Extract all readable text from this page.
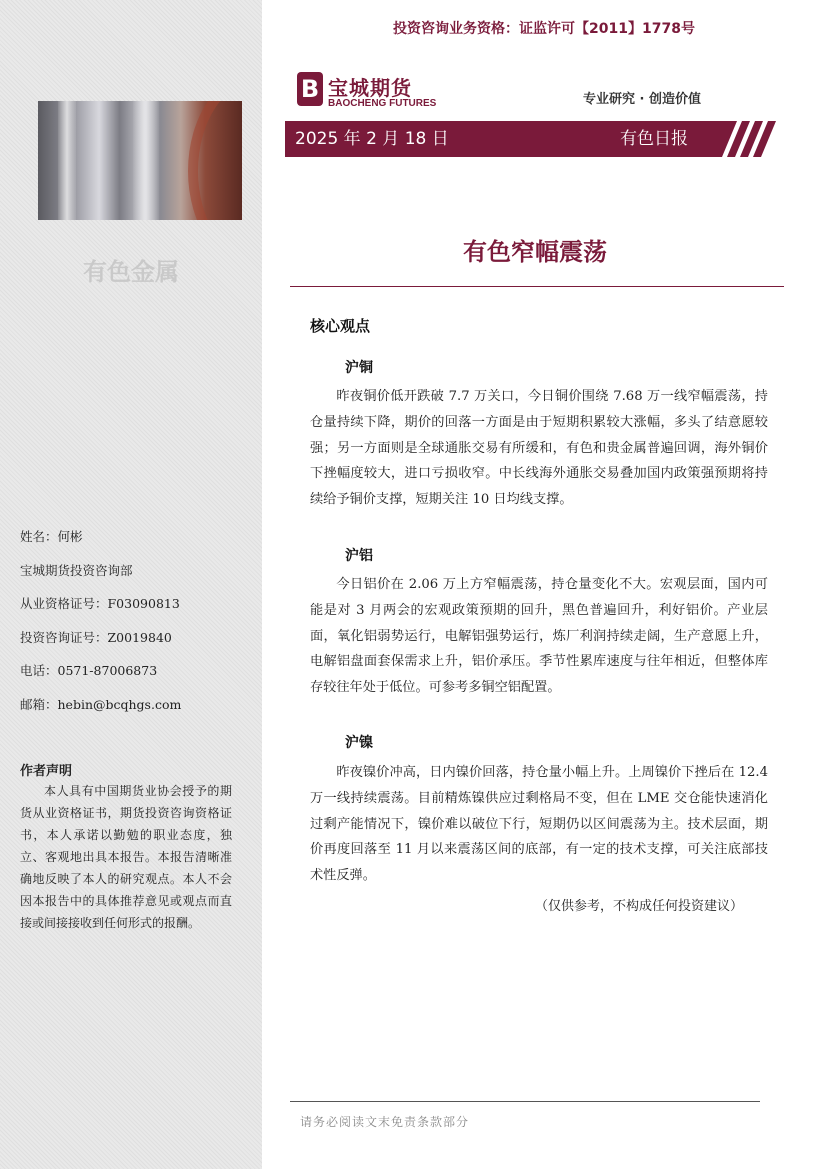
有色金属
姓名：何彬
宝城期货投资咨询部
从业资格证号：F03090813
投资咨询证号：Z0019840
电话：0571-87006873
邮箱：hebin@bcqhgs.com
作者声明
本人具有中国期货业协会授予的期货从业资格证书，期货投资咨询资格证书，本人承诺以勤勉的职业态度，独立、客观地出具本报告。本报告清晰准确地反映了本人的研究观点。本人不会因本报告中的具体推荐意见或观点而直接或间接接收到任何形式的报酬。
投资咨询业务资格：证监许可【2011】1778号
B 宝城期货
BAOCHENG FUTURES	专业研究 · 创造价值
2025 年 2 月 18 日	有色日报
有色窄幅震荡
核心观点
沪铜
昨夜铜价低开跌破 7.7 万关口，今日铜价围绕 7.68 万一线窄幅震荡，持仓量持续下降，期价的回落一方面是由于短期积累较大涨幅，多头了结意愿较强；另一方面则是全球通胀交易有所缓和，有色和贵金属普遍回调，海外铜价下挫幅度较大，进口亏损收窄。中长线海外通胀交易叠加国内政策强预期将持续给予铜价支撑，短期关注 10 日均线支撑。
沪铝
今日铝价在 2.06 万上方窄幅震荡，持仓量变化不大。宏观层面，国内可能是对 3 月两会的宏观政策预期的回升，黑色普遍回升，利好铝价。产业层面，氧化铝弱势运行，电解铝强势运行，炼厂利润持续走阔，生产意愿上升，电解铝盘面套保需求上升，铝价承压。季节性累库速度与往年相近，但整体库存较往年处于低位。可参考多铜空铝配置。
沪镍
昨夜镍价冲高，日内镍价回落，持仓量小幅上升。上周镍价下挫后在 12.4 万一线持续震荡。目前精炼镍供应过剩格局不变，但在 LME 交仓能快速消化过剩产能情况下，镍价难以破位下行，短期仍以区间震荡为主。技术层面，期价再度回落至 11 月以来震荡区间的底部，有一定的技术支撑，可关注底部技术性反弹。
（仅供参考，不构成任何投资建议）
请务必阅读文末免责条款部分
